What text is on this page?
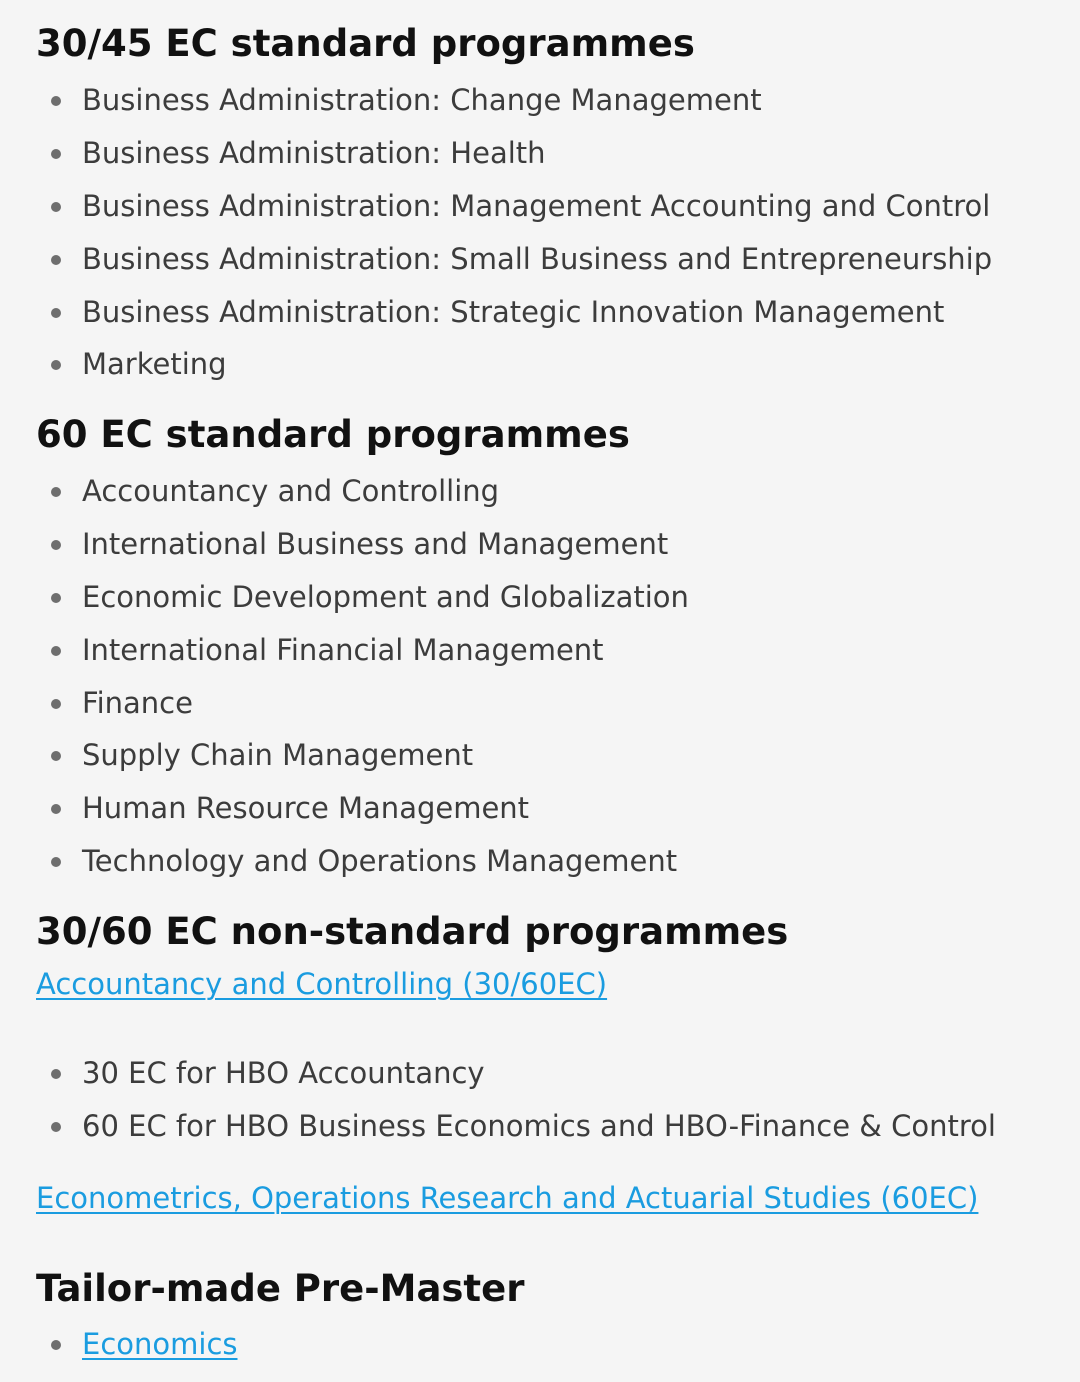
30/45 EC standard programmes
Business Administration: Change Management
Business Administration: Health
Business Administration: Management Accounting and Control
Business Administration: Small Business and Entrepreneurship
Business Administration: Strategic Innovation Management
Marketing
60 EC standard programmes
Accountancy and Controlling
International Business and Management
Economic Development and Globalization
International Financial Management
Finance
Supply Chain Management
Human Resource Management
Technology and Operations Management
30/60 EC non-standard programmes
Accountancy and Controlling (30/60EC)
30 EC for HBO Accountancy
60 EC for HBO Business Economics and HBO-Finance & Control
Econometrics, Operations Research and Actuarial Studies (60EC)
Tailor-made Pre-Master
Economics
